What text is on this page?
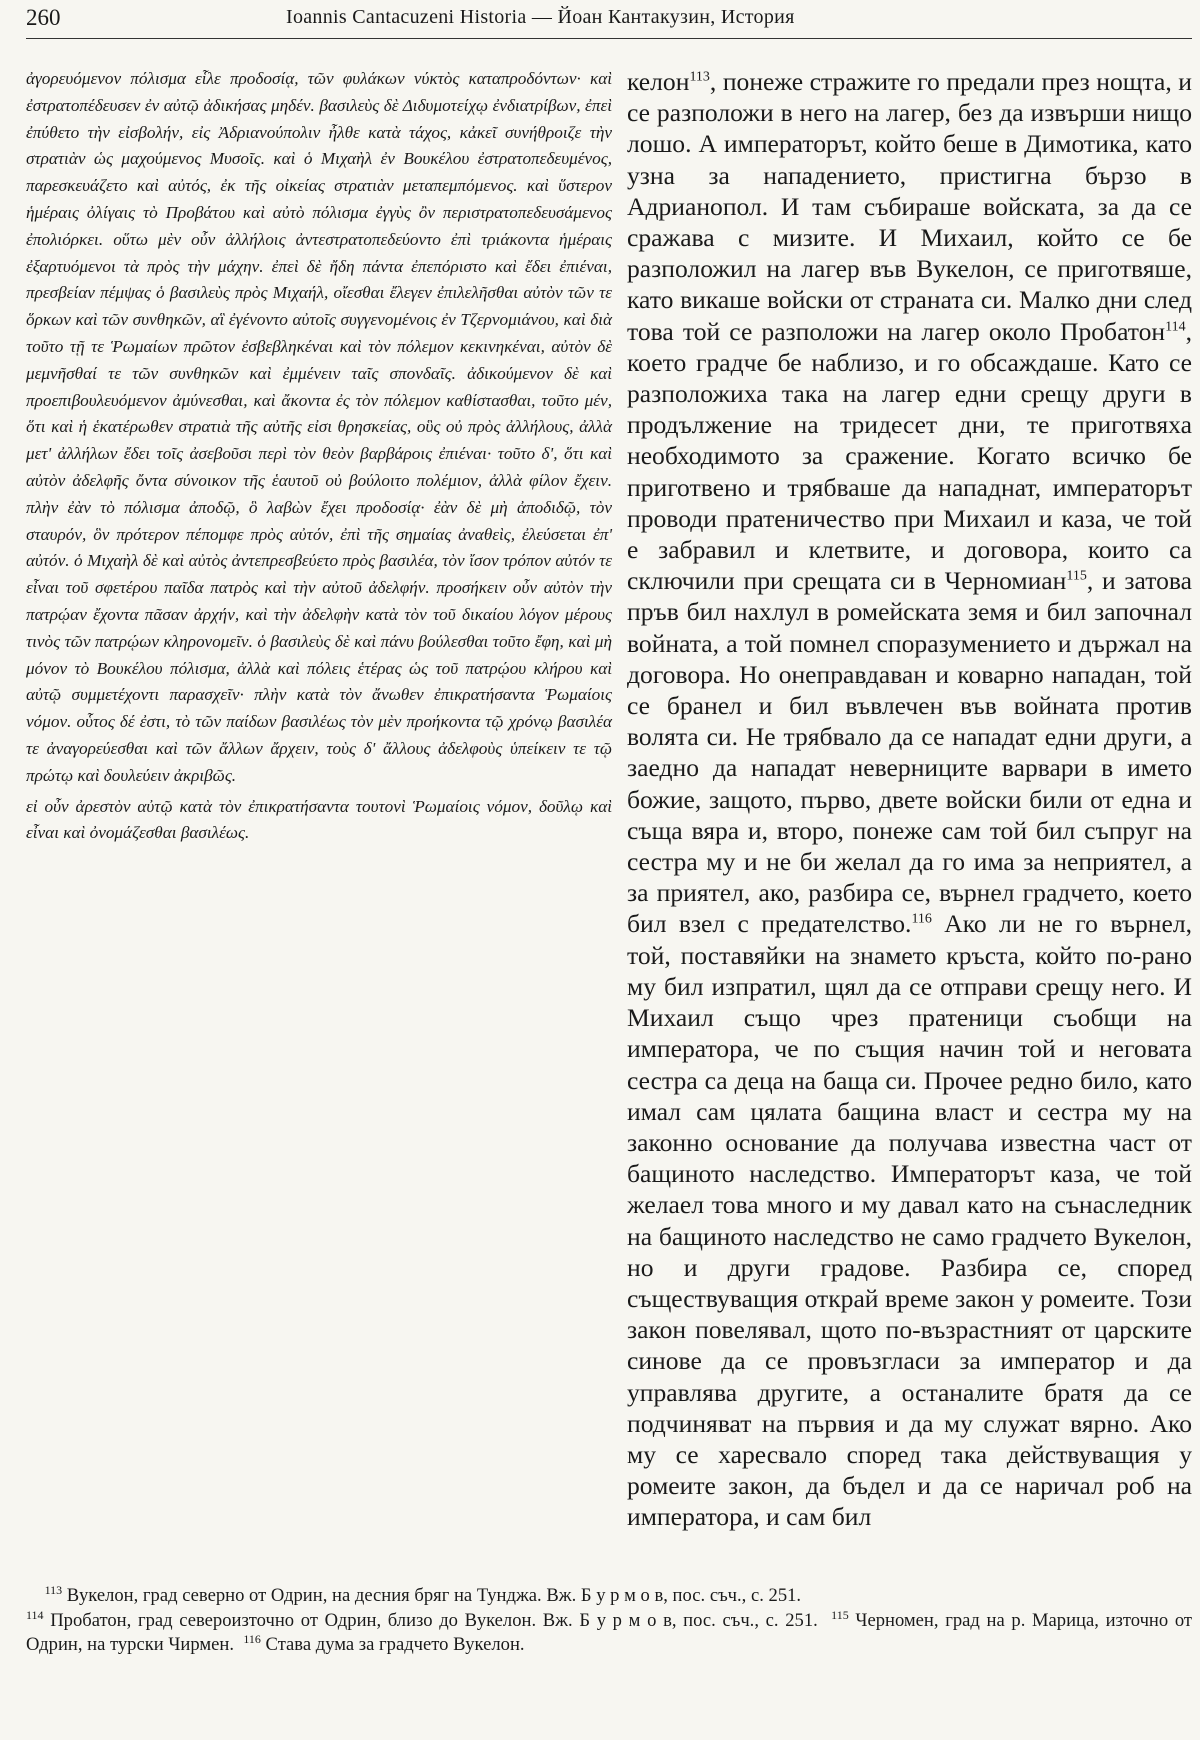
260	Ioannis Cantacuzeni Historia — Йоан Кантакузин, История

ἀγορευόμενον πόλισμα εἷλε προδοσίᾳ, τῶν φυλάκων νύκτὸς καταπροδόντων· καὶ ἐστρατοπέδευσεν ἐν αὐτῷ ἀδικήσας μηδέν. βασιλεὺς δὲ Διδυμοτείχῳ ἐνδιατρίβων, ἐπεὶ ἐπύθετο τὴν εἰσβολήν, εἰς Ἀδριανούπολιν ἦλθε κατὰ τάχος, κἀκεῖ συνήθροιζε τὴν στρατιὰν ὡς μαχούμενος Μυσοῖς. καὶ ὁ Μιχαὴλ ἐν Βουκέλου ἐστρατοπεδευμένος, παρεσκευάζετο καὶ αὐτός, ἐκ τῆς οἰκείας στρατιὰν μεταπεμπόμενος. καὶ ὕστερον ἡμέραις ὀλίγαις τὸ Προβάτου καὶ αὐτὸ πόλισμα ἐγγὺς ὂν περιστρατοπεδευσάμενος ἐπολιόρκει. οὕτω μὲν οὖν ἀλλήλοις ἀντεστρατοπεδεύοντο ἐπὶ τριάκοντα ἡμέραις ἐξαρτυόμενοι τὰ πρὸς τὴν μάχην. ἐπεὶ δὲ ἤδη πάντα ἐπεπόριστο καὶ ἔδει ἐπιέναι, πρεσβείαν πέμψας ὁ βασιλεὺς πρὸς Μιχαήλ, οἴεσθαι ἔλεγεν ἐπιλελῆσθαι αὐτὸν τῶν τε ὅρκων καὶ τῶν συνθηκῶν, αἳ ἐγένοντο αὐτοῖς συγγενομένοις ἐν Τζερνομιάνου, καὶ διὰ τοῦτο τῇ τε Ῥωμαίων πρῶτον ἐσβεβληκέναι καὶ τὸν πόλεμον κεκινηκέναι, αὐτὸν δὲ μεμνῆσθαί τε τῶν συνθηκῶν καὶ ἐμμένειν ταῖς σπονδαῖς. ἀδικούμενον δὲ καὶ προεπιβουλευόμενον ἀμύνεσθαι, καὶ ἄκοντα ἐς τὸν πόλεμον καθίστασθαι, τοῦτο μέν, ὅτι καὶ ἡ ἑκατέρωθεν στρατιὰ τῆς αὐτῆς εἰσι θρησκείας, οὓς οὐ πρὸς ἀλλήλους, ἀλλὰ μετ' ἀλλήλων ἔδει τοῖς ἀσεβοῦσι περὶ τὸν θεὸν βαρβάροις ἐπιέναι· τοῦτο δ', ὅτι καὶ αὐτὸν ἀδελφῆς ὄντα σύνοικον τῆς ἑαυτοῦ οὐ βούλοιτο πολέμιον, ἀλλὰ φίλον ἔχειν. πλὴν ἐὰν τὸ πόλισμα ἀποδῷ, ὃ λαβὼν ἔχει προδοσίᾳ· ἐὰν δὲ μὴ ἀποδιδῷ, τὸν σταυρόν, ὃν πρότερον πέπομφε πρὸς αὐτόν, ἐπὶ τῆς σημαίας ἀναθεὶς, ἐλεύσεται ἐπ' αὐτόν. ὁ Μιχαὴλ δὲ καὶ αὐτὸς ἀντεπρεσβεύετο πρὸς βασιλέα, τὸν ἴσον τρόπον αὐτόν τε εἶναι τοῦ σφετέρου παῖδα πατρὸς καὶ τὴν αὐτοῦ ἀδελφήν. προσήκειν οὖν αὐτὸν τὴν πατρῴαν ἔχοντα πᾶσαν ἀρχήν, καὶ τὴν ἀδελφὴν κατὰ τὸν τοῦ δικαίου λόγον μέρους τινὸς τῶν πατρῴων κληρονομεῖν. ὁ βασιλεὺς δὲ καὶ πάνυ βούλεσθαι τοῦτο ἔφη, καὶ μὴ μόνον τὸ Βουκέλου πόλισμα, ἀλλὰ καὶ πόλεις ἑτέρας ὡς τοῦ πατρῴου κλήρου καὶ αὐτῷ συμμετέχοντι παρασχεῖν· πλὴν κατὰ τὸν ἄνωθεν ἐπικρατήσαντα Ῥωμαίοις νόμον. οὗτος δέ ἐστι, τὸ τῶν παίδων βασιλέως τὸν μὲν προήκοντα τῷ χρόνῳ βασιλέα τε ἀναγορεύεσθαι καὶ τῶν ἄλλων ἄρχειν, τοὺς δ' ἄλλους ἀδελφοὺς ὑπείκειν τε τῷ πρώτῳ καὶ δουλεύειν ἀκριβῶς.

εἰ οὖν ἀρεστὸν αὐτῷ κατὰ τὸν ἐπικρατήσαντα τουτονὶ Ῥωμαίοις νόμον, δοῦλῳ καὶ εἶναι καὶ ὀνομάζεσθαι βασιλέως.

келон$^{113}$, понеже стражите го предали през нощта, и се разположи в него на лагер, без да извърши нищо лошо. А императорът, който беше в Димотика, като узна за нападението, пристигна бързо в Адрианопол. И там събираше войската, за да се сражава с мизите. И Михаил, който се бе разположил на лагер във Вукелон, се приготвяше, като викаше войски от страната си. Малко дни след това той се разположи на лагер около Пробатон$^{114}$, което градче бе наблизо, и го обсаждаше. Като се разположиха така на лагер едни срещу други в продължение на тридесет дни, те приготвяха необходимото за сражение. Когато всичко бе приготвено и трябваше да нападнат, императорът проводи пратеничество при Михаил и каза, че той е забравил и клетвите, и договора, които са сключили при срещата си в Черномиан$^{115}$, и затова пръв бил нахлул в ромейската земя и бил започнал войната, а той помнел споразумението и държал на договора. Но онеправдаван и коварно нападан, той се бранел и бил въвлечен във войната против волята си. Не трябвало да се нападат едни други, а заедно да нападат неверниците варвари в името божие, защото, първо, двете войски били от една и съща вяра и, второ, понеже сам той бил съпруг на сестра му и не би желал да го има за неприятел, а за приятел, ако, разбира се, върнел градчето, което бил взел с предателство.$^{116}$ Ако ли не го върнел, той, поставяйки на знамето кръста, който по-рано му бил изпратил, щял да се отправи срещу него. И Михаил също чрез пратеници съобщи на императора, че по същия начин той и неговата сестра са деца на баща си. Прочее редно било, като имал сам цялата бащина власт и сестра му на законно основание да получава известна част от бащиното наследство. Императорът каза, че той желаел това много и му давал като на сънаследник на бащиното наследство не само градчето Вукелон, но и други градове. Разбира се, според съществуващия открай време закон у ромеите. Този закон повелявал, щото по-възрастният от царските синове да се провъзгласи за император и да управлява другите, а останалите братя да се подчиняват на първия и да му служат вярно. Ако му се харесвало според така действуващия у ромеите закон, да бъдел и да се наричал роб на императора, и сам бил

 $^{113}$ Вукелон, град северно от Одрин, на десния бряг на Тунджа. Вж. Б у р м о в, пос. съч., с. 251.

$^{114}$ Пробатон, град североизточно от Одрин, близо до Вукелон. Вж. Б у р м о в, пос. съч., с. 251. $^{115}$ Черномен, град на р. Марица, източно от Одрин, на турски Чирмен. $^{116}$ Става дума за градчето Вукелон.
